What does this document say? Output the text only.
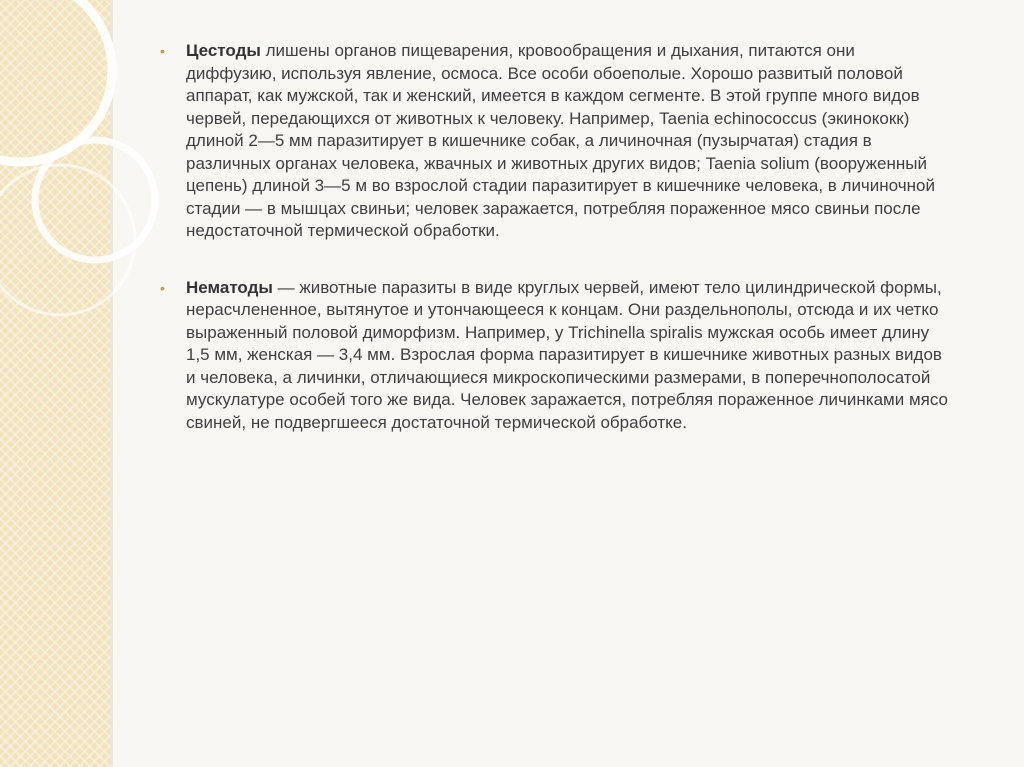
•	Цестоды лишены органов пищеварения, кровообращения и дыхания, питаются они диффузию, используя явление, осмоса. Все особи обоеполые. Хорошо развитый половой аппарат, как мужской, так и женский, имеется в каждом сегменте. В этой группе много видов червей, передающихся от животных к человеку. Например, Taenia echinococcus (экинококк) длиной 2—5 мм паразитирует в кишечнике собак, а личиночная (пузырчатая) стадия в различных органах человека, жвачных и животных других видов; Taenia solium (вооруженный цепень) длиной 3—5 м во взрослой стадии паразитирует в кишечнике человека, в личиночной стадии — в мышцах свиньи; человек заражается, потребляя пораженное мясо свиньи после недостаточной термической обработки.
•	Нематоды — животные паразиты в виде круглых червей, имеют тело цилиндрической формы, нерасчлененное, вытянутое и утончающееся к концам. Они раздельнополы, отсюда и их четко выраженный половой диморфизм. Например, у Trichinella spiralis мужская особь имеет длину 1,5 мм, женская — 3,4 мм. Взрослая форма паразитирует в кишечнике животных разных видов и человека, а личинки, отличающиеся микроскопическими размерами, в поперечнополосатой мускулатуре особей того же вида. Человек заражается, потребляя пораженное личинками мясо свиней, не подвергшееся достаточной термической обработке.
